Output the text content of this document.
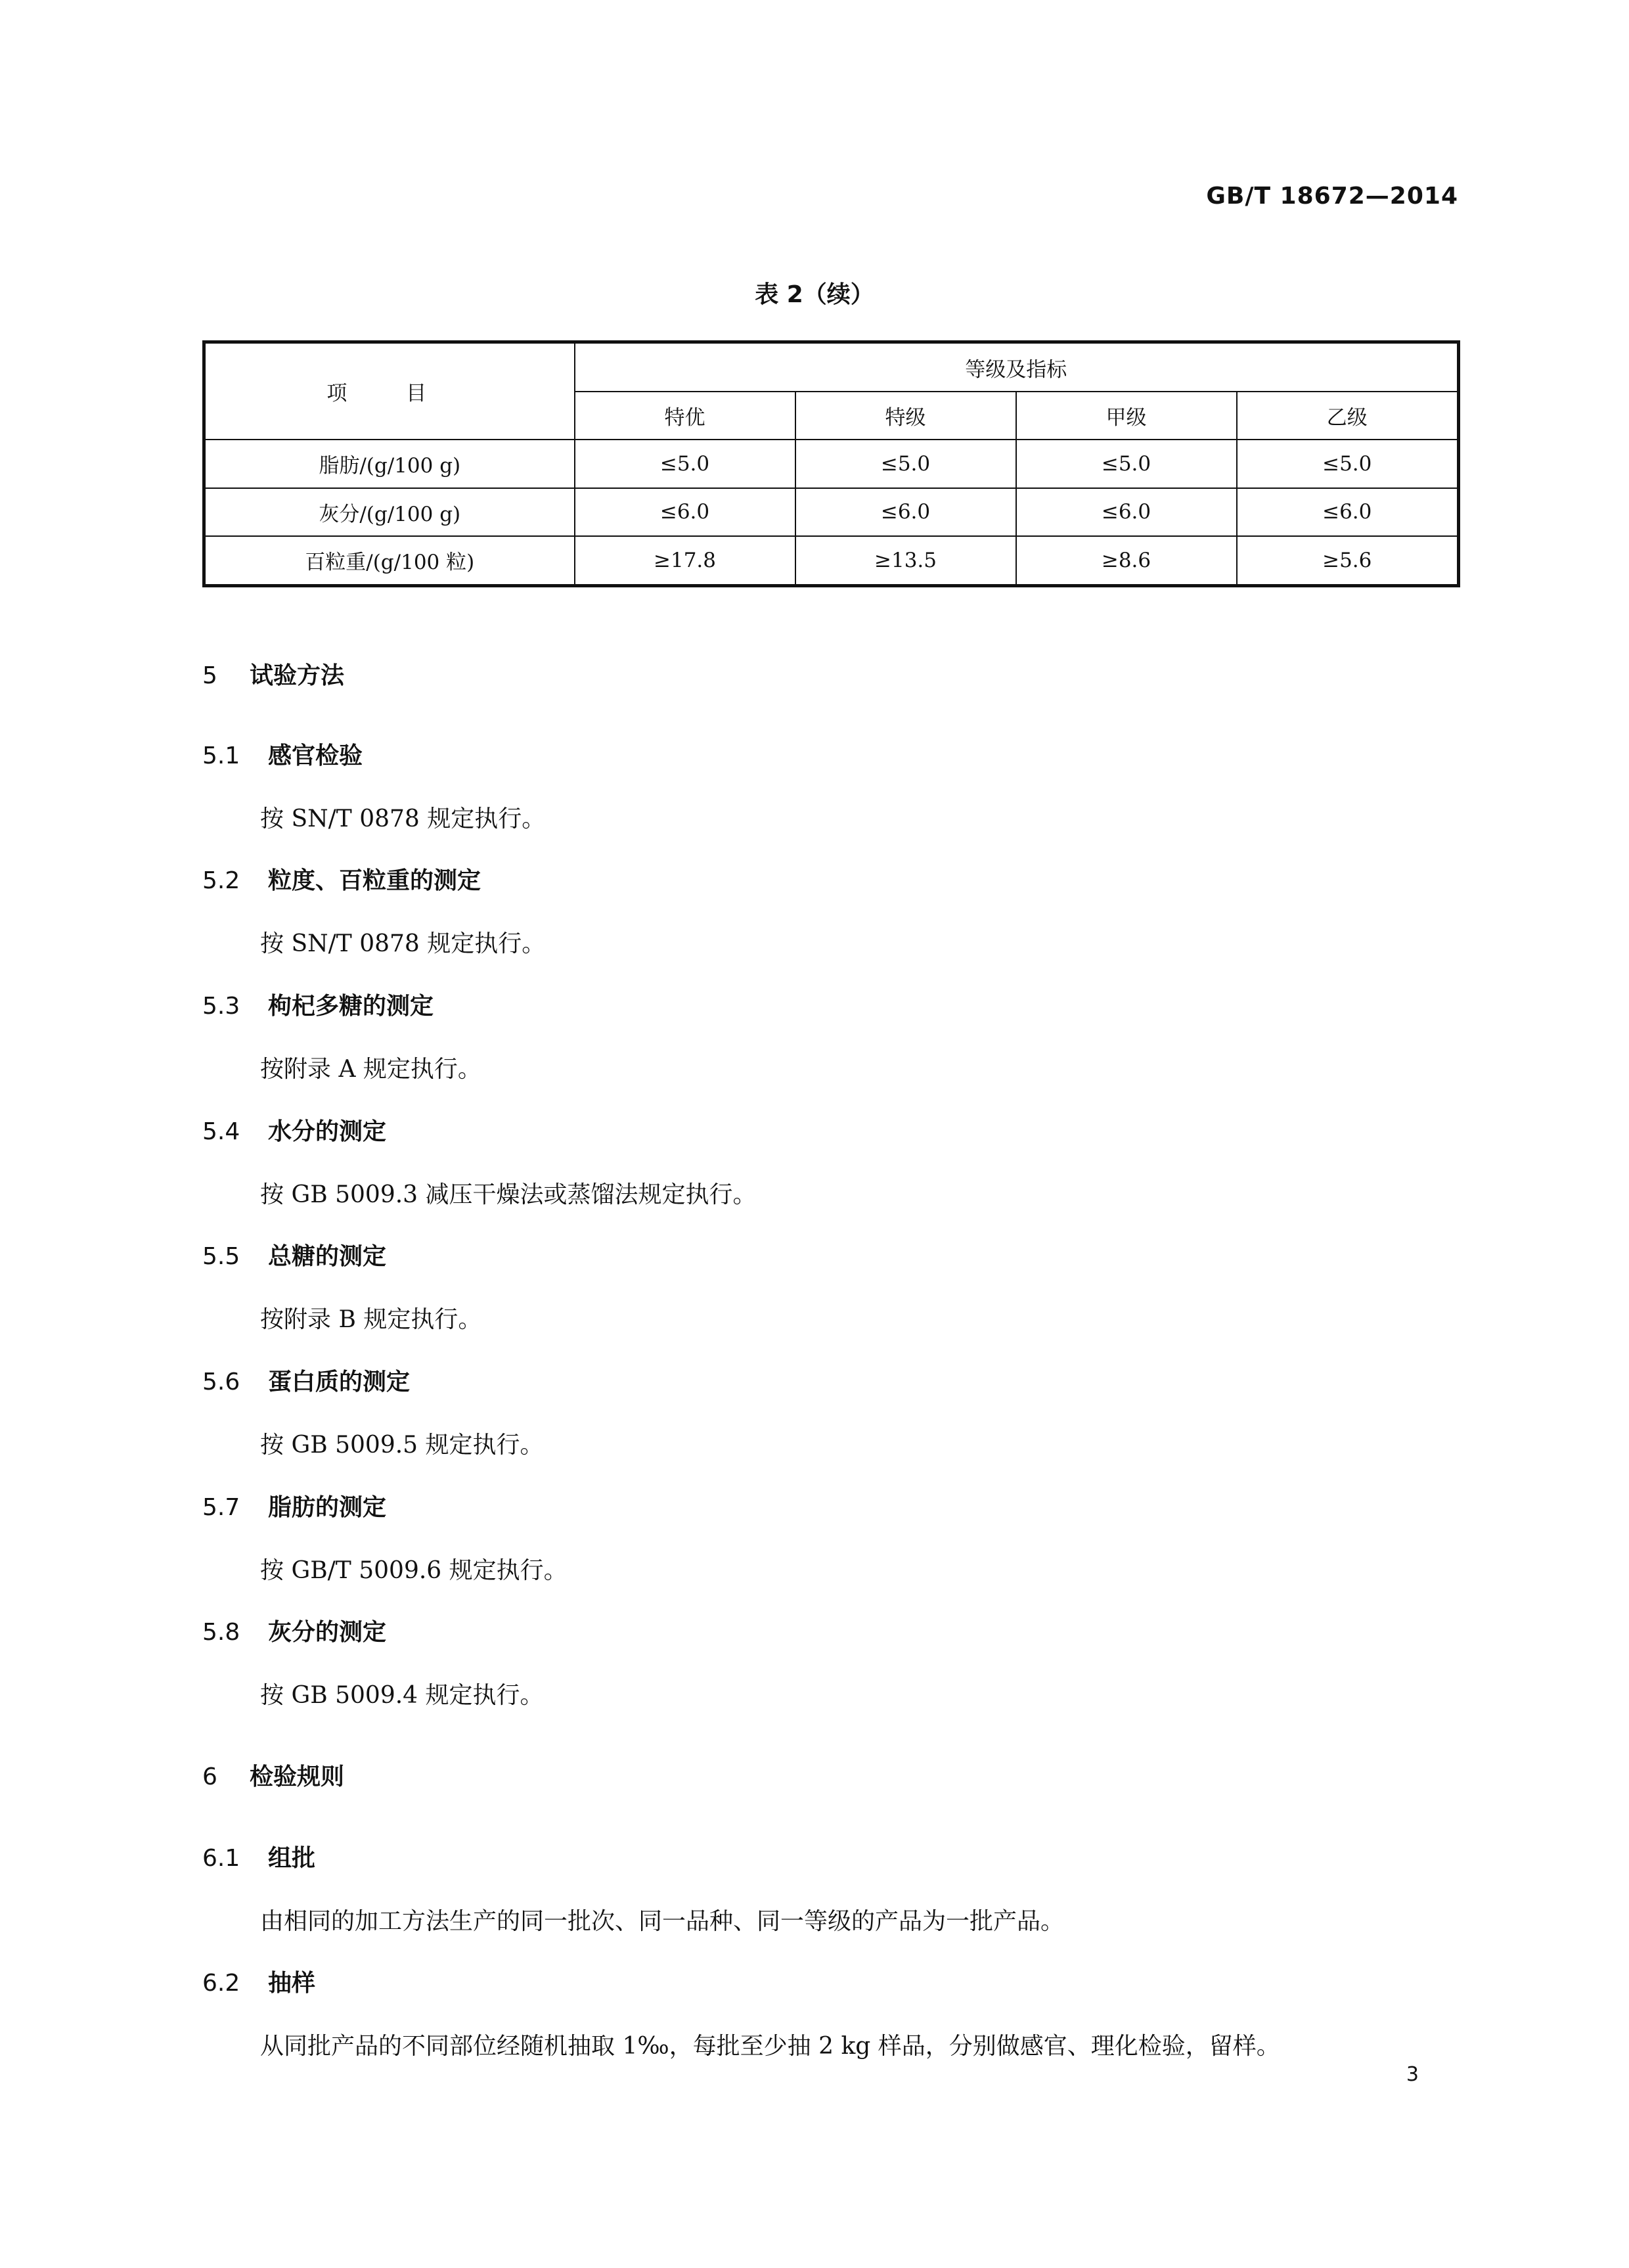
GB/T 18672—2014
表 2（续）
项 目	等级及指标			
	特优	特级	甲级	乙级
脂肪/(g/100 g)	≤5.0	≤5.0	≤5.0	≤5.0
灰分/(g/100 g)	≤6.0	≤6.0	≤6.0	≤6.0
百粒重/(g/100 粒)	≥17.8	≥13.5	≥8.6	≥5.6
5 试验方法
5.1 感官检验
按 SN/T 0878 规定执行。
5.2 粒度、百粒重的测定
按 SN/T 0878 规定执行。
5.3 枸杞多糖的测定
按附录 A 规定执行。
5.4 水分的测定
按 GB 5009.3 减压干燥法或蒸馏法规定执行。
5.5 总糖的测定
按附录 B 规定执行。
5.6 蛋白质的测定
按 GB 5009.5 规定执行。
5.7 脂肪的测定
按 GB/T 5009.6 规定执行。
5.8 灰分的测定
按 GB 5009.4 规定执行。
6 检验规则
6.1 组批
由相同的加工方法生产的同一批次、同一品种、同一等级的产品为一批产品。
6.2 抽样
从同批产品的不同部位经随机抽取 1‰，每批至少抽 2 kg 样品，分别做感官、理化检验，留样。
3
